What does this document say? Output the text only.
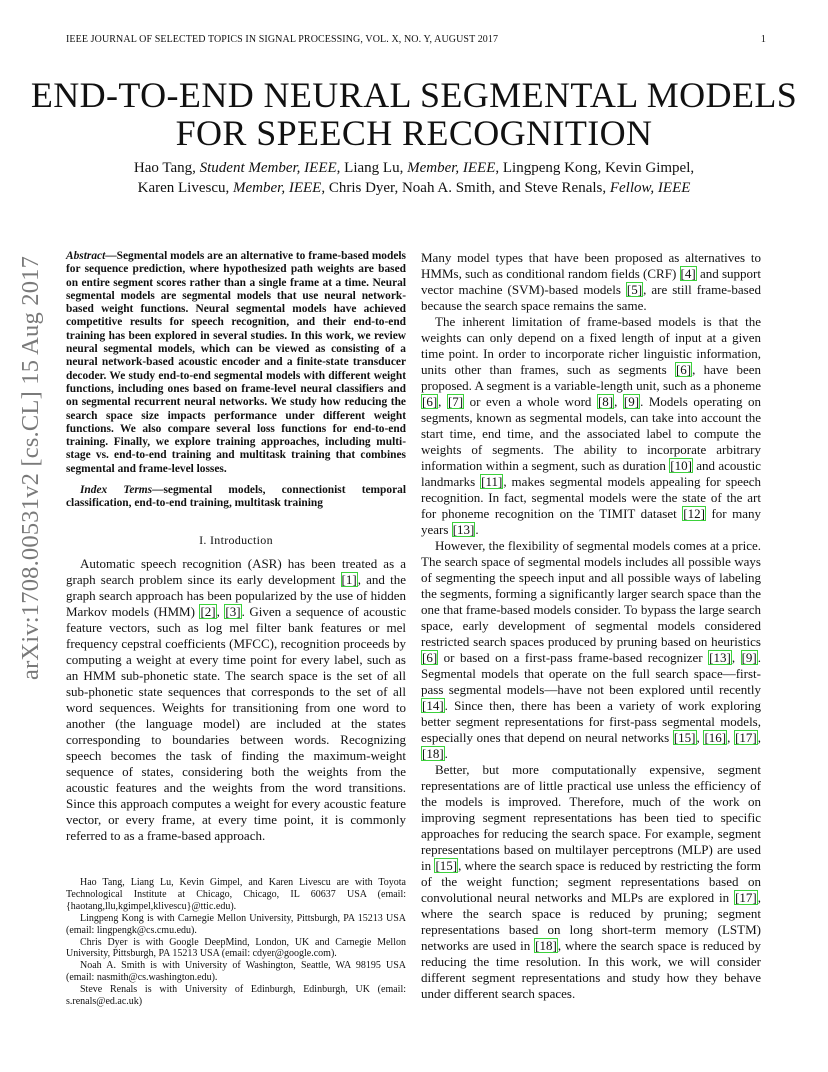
IEEE JOURNAL OF SELECTED TOPICS IN SIGNAL PROCESSING, VOL. X, NO. Y, AUGUST 2017	1
arXiv:1708.00531v2 [cs.CL] 15 Aug 2017
END-TO-END NEURAL SEGMENTAL MODELS
FOR SPEECH RECOGNITION
Hao Tang, Student Member, IEEE, Liang Lu, Member, IEEE, Lingpeng Kong, Kevin Gimpel,
Karen Livescu, Member, IEEE, Chris Dyer, Noah A. Smith, and Steve Renals, Fellow, IEEE

Abstract—Segmental models are an alternative to frame-based models for sequence prediction, where hypothesized path weights are based on entire segment scores rather than a single frame at a time. Neural segmental models are segmental models that use neural network-based weight functions. Neural segmental models have achieved competitive results for speech recognition, and their end-to-end training has been explored in several studies. In this work, we review neural segmental models, which can be viewed as consisting of a neural network-based acoustic encoder and a finite-state transducer decoder. We study end-to-end segmental models with different weight functions, including ones based on frame-level neural classifiers and on segmental recurrent neural networks. We study how reducing the search space size impacts performance under different weight functions. We also compare several loss functions for end-to-end training. Finally, we explore training approaches, including multi-stage vs. end-to-end training and multitask training that combines segmental and frame-level losses.

Index Terms—segmental models, connectionist temporal classification, end-to-end training, multitask training

I. Introduction

Automatic speech recognition (ASR) has been treated as a graph search problem since its early development [1], and the graph search approach has been popularized by the use of hidden Markov models (HMM) [2], [3]. Given a sequence of acoustic feature vectors, such as log mel filter bank features or mel frequency cepstral coefficients (MFCC), recognition proceeds by computing a weight at every time point for every label, such as an HMM sub-phonetic state. The search space is the set of all sub-phonetic state sequences that corresponds to the set of all word sequences. Weights for transitioning from one word to another (the language model) are included at the states corresponding to boundaries between words. Recognizing speech becomes the task of finding the maximum-weight sequence of states, considering both the weights from the acoustic features and the weights from the word transitions. Since this approach computes a weight for every acoustic feature vector, or every frame, at every time point, it is commonly referred to as a frame-based approach.

Hao Tang, Liang Lu, Kevin Gimpel, and Karen Livescu are with Toyota Technological Institute at Chicago, Chicago, IL 60637 USA (email: {haotang,llu,kgimpel,klivescu}@ttic.edu).

Lingpeng Kong is with Carnegie Mellon University, Pittsburgh, PA 15213 USA (email: lingpengk@cs.cmu.edu).

Chris Dyer is with Google DeepMind, London, UK and Carnegie Mellon University, Pittsburgh, PA 15213 USA (email: cdyer@google.com).

Noah A. Smith is with University of Washington, Seattle, WA 98195 USA (email: nasmith@cs.washington.edu).

Steve Renals is with University of Edinburgh, Edinburgh, UK (email: s.renals@ed.ac.uk)

Many model types that have been proposed as alternatives to HMMs, such as conditional random fields (CRF) [4] and support vector machine (SVM)-based models [5], are still frame-based because the search space remains the same.

The inherent limitation of frame-based models is that the weights can only depend on a fixed length of input at a given time point. In order to incorporate richer linguistic information, units other than frames, such as segments [6], have been proposed. A segment is a variable-length unit, such as a phoneme [6], [7] or even a whole word [8], [9]. Models operating on segments, known as segmental models, can take into account the start time, end time, and the associated label to compute the weights of segments. The ability to incorporate arbitrary information within a segment, such as duration [10] and acoustic landmarks [11], makes segmental models appealing for speech recognition. In fact, segmental models were the state of the art for phoneme recognition on the TIMIT dataset [12] for many years [13].

However, the flexibility of segmental models comes at a price. The search space of segmental models includes all possible ways of segmenting the speech input and all possible ways of labeling the segments, forming a significantly larger search space than the one that frame-based models consider. To bypass the large search space, early development of segmental models considered restricted search spaces produced by pruning based on heuristics [6] or based on a first-pass frame-based recognizer [13], [9]. Segmental models that operate on the full search space—first-pass segmental models—have not been explored until recently [14]. Since then, there has been a variety of work exploring better segment representations for first-pass segmental models, especially ones that depend on neural networks [15], [16], [17], [18].

Better, but more computationally expensive, segment representations are of little practical use unless the efficiency of the models is improved. Therefore, much of the work on improving segment representations has been tied to specific approaches for reducing the search space. For example, segment representations based on multilayer perceptrons (MLP) are used in [15], where the search space is reduced by restricting the form of the weight function; segment representations based on convolutional neural networks and MLPs are explored in [17], where the search space is reduced by pruning; segment representations based on long short-term memory (LSTM) networks are used in [18], where the search space is reduced by reducing the time resolution. In this work, we will consider different segment representations and study how they behave under different search spaces.
